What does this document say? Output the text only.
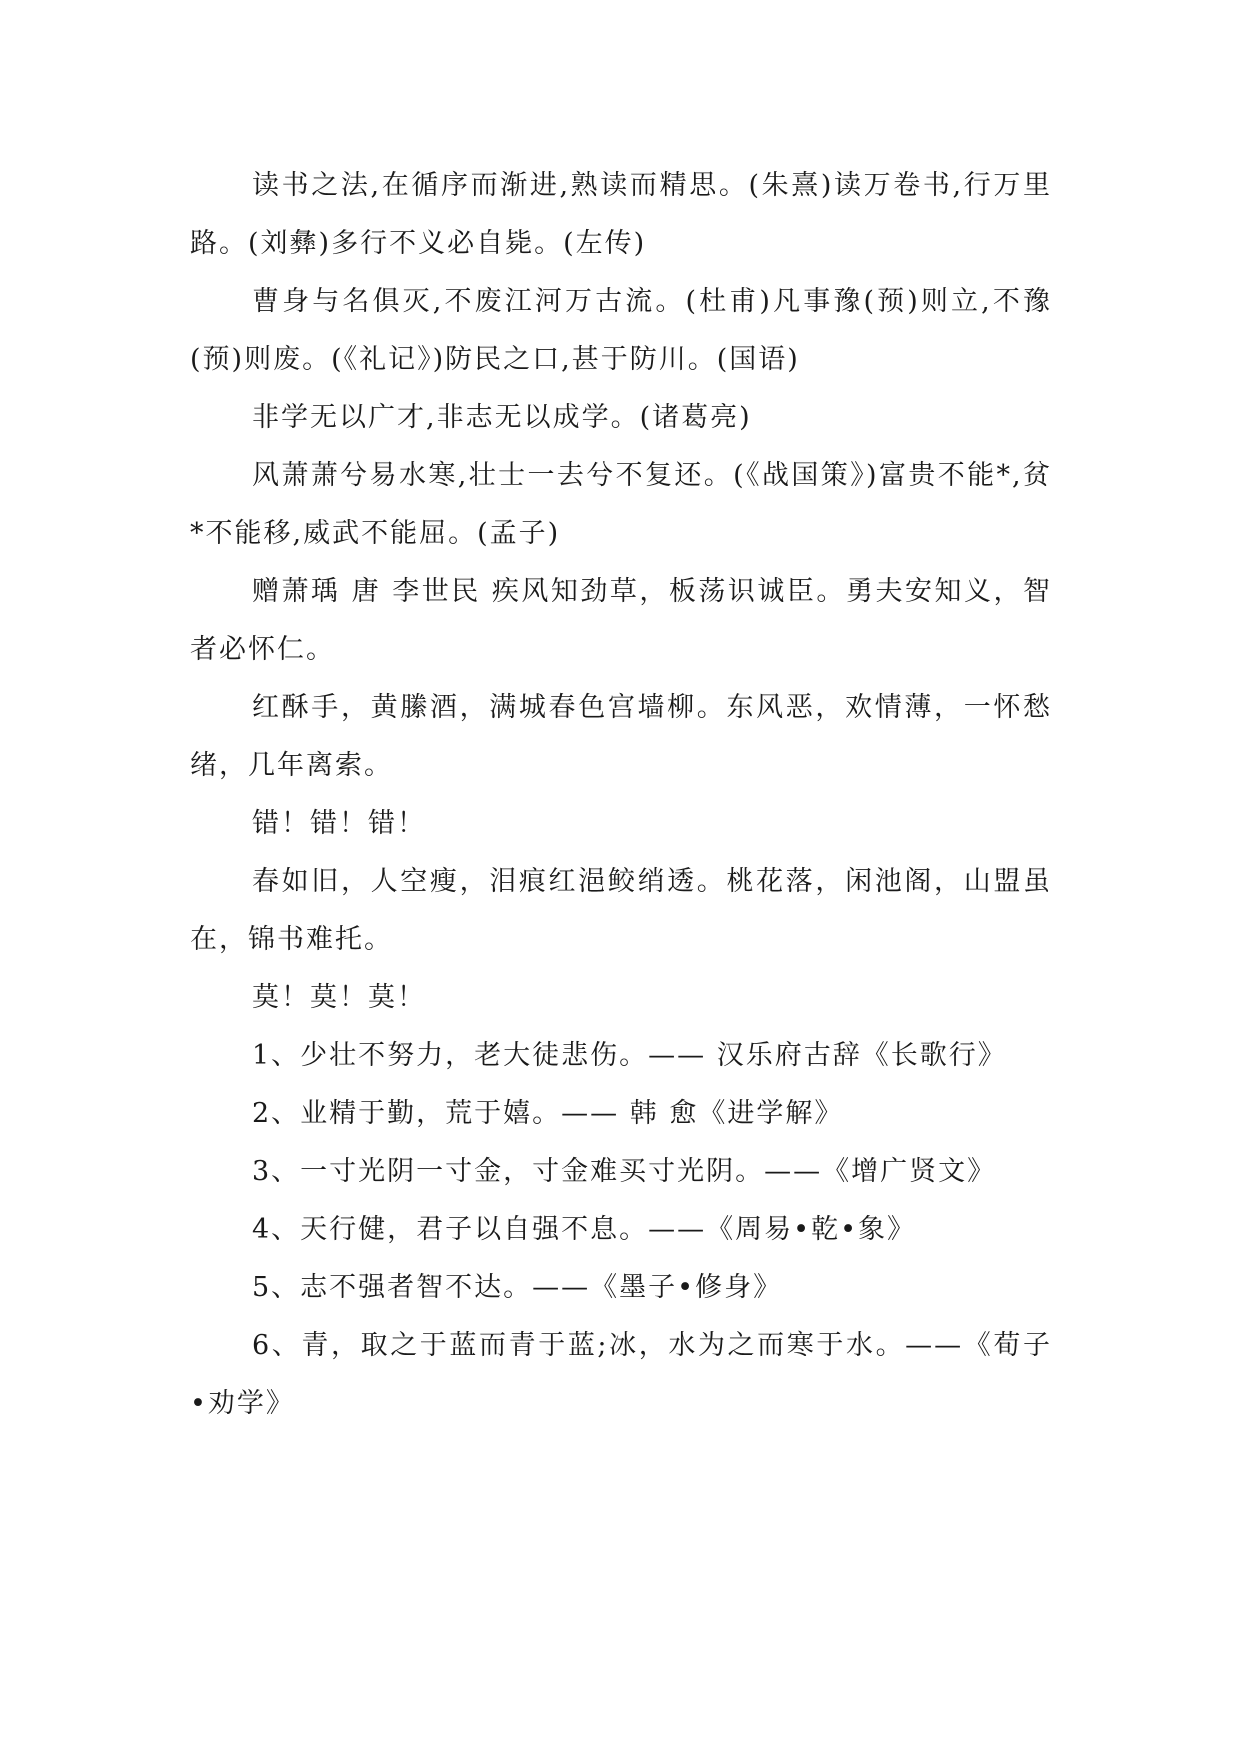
读书之法,在循序而渐进,熟读而精思。(朱熹)读万卷书,行万里路。(刘彝)多行不义必自毙。(左传)

曹身与名俱灭,不废江河万古流。(杜甫)凡事豫(预)则立,不豫(预)则废。(《礼记》)防民之口,甚于防川。(国语)

非学无以广才,非志无以成学。(诸葛亮)

风萧萧兮易水寒,壮士一去兮不复还。(《战国策》)富贵不能*,贫*不能移,威武不能屈。(孟子)

赠萧瑀 唐 李世民 疾风知劲草，板荡识诚臣。勇夫安知义，智者必怀仁。

红酥手，黄縢酒，满城春色宫墙柳。东风恶，欢情薄，一怀愁绪，几年离索。

错！错！错！

春如旧，人空瘦，泪痕红浥鲛绡透。桃花落，闲池阁，山盟虽在，锦书难托。

莫！莫！莫！

1、少壮不努力，老大徒悲伤。—— 汉乐府古辞《长歌行》

2、业精于勤，荒于嬉。—— 韩 愈《进学解》

3、一寸光阴一寸金，寸金难买寸光阴。——《增广贤文》

4、天行健，君子以自强不息。——《周易•乾•象》

5、志不强者智不达。——《墨子•修身》

6、青，取之于蓝而青于蓝;冰，水为之而寒于水。——《荀子•劝学》
